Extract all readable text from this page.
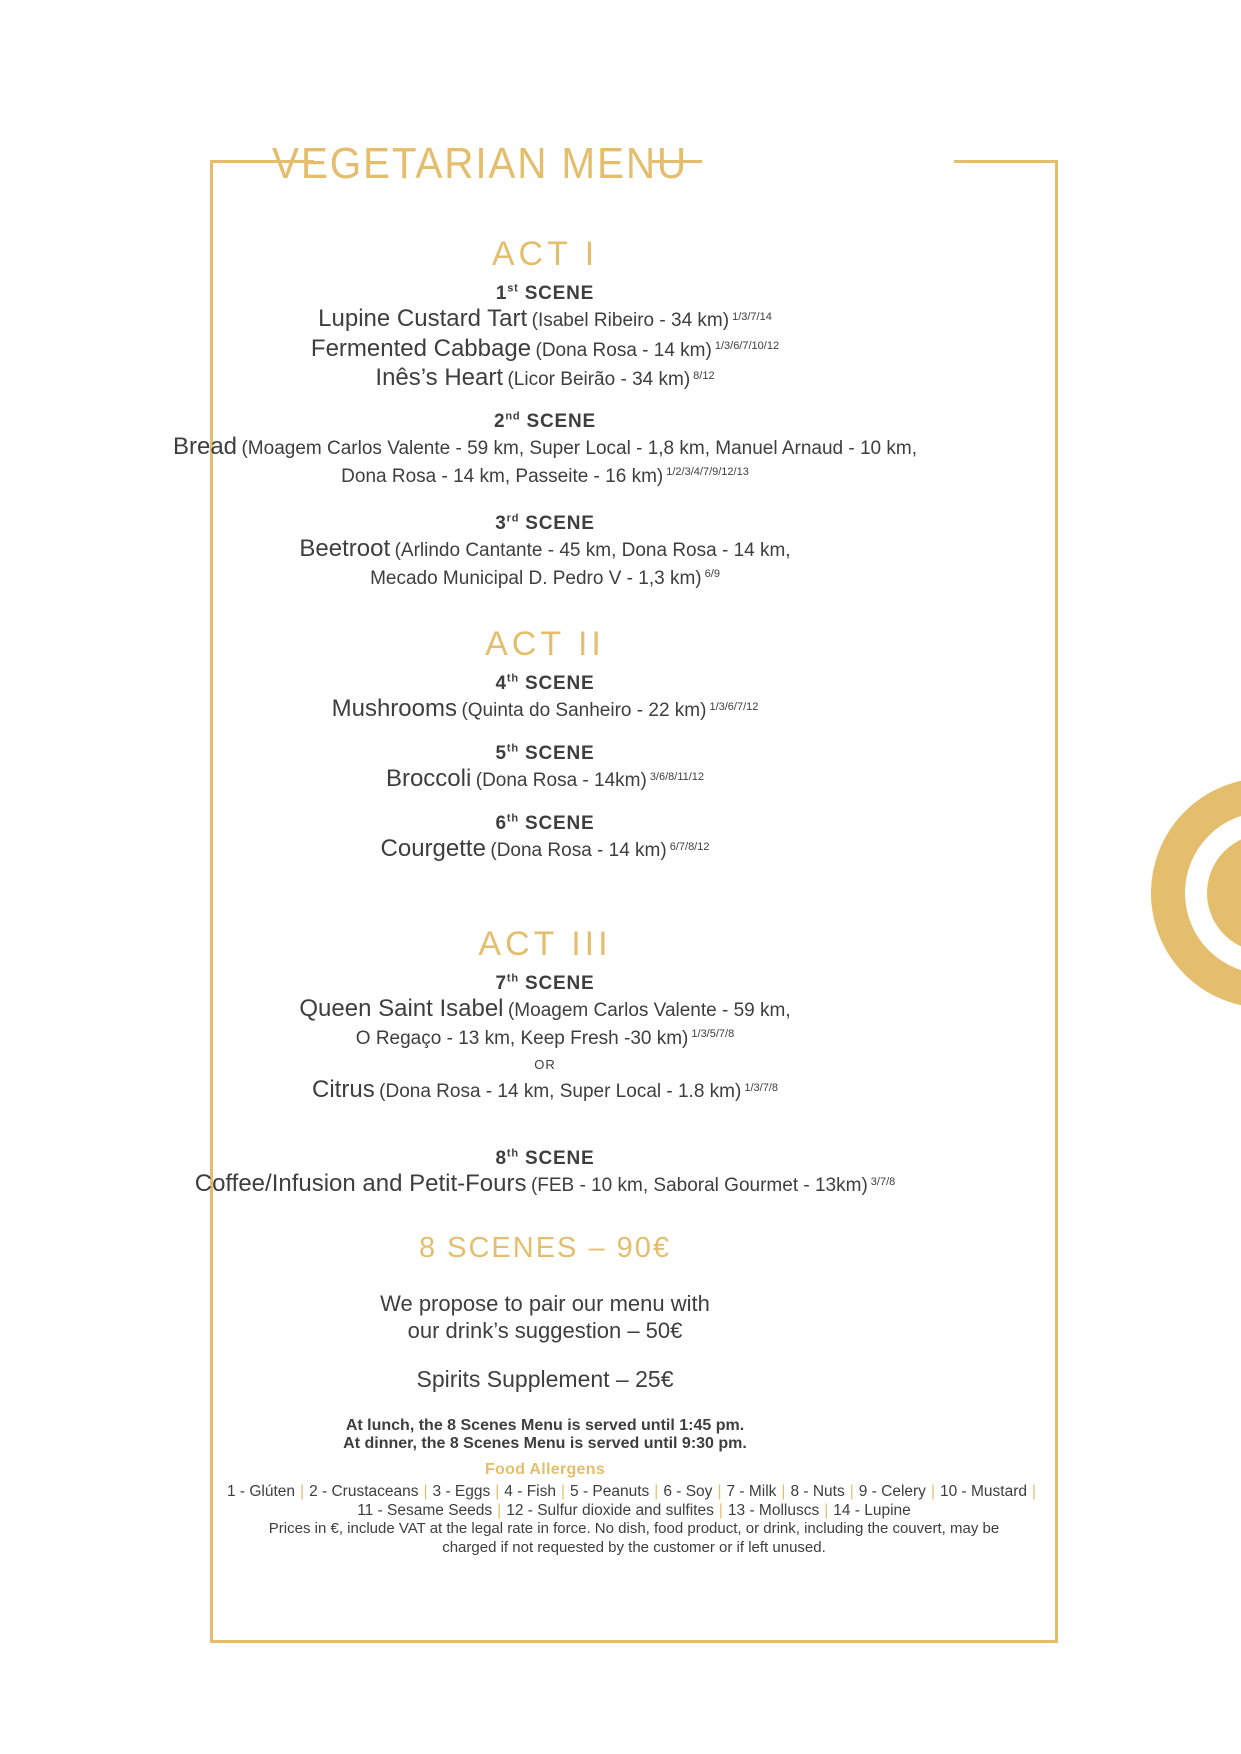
VEGETARIAN MENU
ACT I
1st SCENE
Lupine Custard Tart (Isabel Ribeiro - 34 km) $^{1/3/7/14}$
Fermented Cabbage (Dona Rosa - 14 km) $^{1/3/6/7/10/12}$
Inês’s Heart (Licor Beirão - 34 km) $^{8/12}$
2nd SCENE
Bread (Moagem Carlos Valente - 59 km, Super Local - 1,8 km, Manuel Arnaud - 10 km,
Dona Rosa - 14 km, Passeite - 16 km) $^{1/2/3/4/7/9/12/13}$
3rd SCENE
Beetroot (Arlindo Cantante - 45 km, Dona Rosa - 14 km,
Mecado Municipal D. Pedro V - 1,3 km) $^{6/9}$
ACT II
4th SCENE
Mushrooms (Quinta do Sanheiro - 22 km) $^{1/3/6/7/12}$
5th SCENE
Broccoli (Dona Rosa - 14km) $^{3/6/8/11/12}$
6th SCENE
Courgette (Dona Rosa - 14 km) $^{6/7/8/12}$
ACT III
7th SCENE
Queen Saint Isabel (Moagem Carlos Valente - 59 km,
O Regaço - 13 km, Keep Fresh -30 km) $^{1/3/5/7/8}$
OR
Citrus (Dona Rosa - 14 km, Super Local - 1.8 km) $^{1/3/7/8}$
8th SCENE
Coffee/Infusion and Petit-Fours (FEB - 10 km, Saboral Gourmet - 13km) $^{3/7/8}$
8 SCENES – 90€
We propose to pair our menu with
our drink’s suggestion – 50€
Spirits Supplement – 25€
At lunch, the 8 Scenes Menu is served until 1:45 pm.
At dinner, the 8 Scenes Menu is served until 9:30 pm.
Food Allergens
1 - Glúten | 2 - Crustaceans | 3 - Eggs | 4 - Fish | 5 - Peanuts | 6 - Soy | 7 - Milk | 8 - Nuts | 9 - Celery | 10 - Mustard |
11 - Sesame Seeds | 12 - Sulfur dioxide and sulfites | 13 - Molluscs | 14 - Lupine
Prices in €, include VAT at the legal rate in force. No dish, food product, or drink, including the couvert, may be
charged if not requested by the customer or if left unused.
